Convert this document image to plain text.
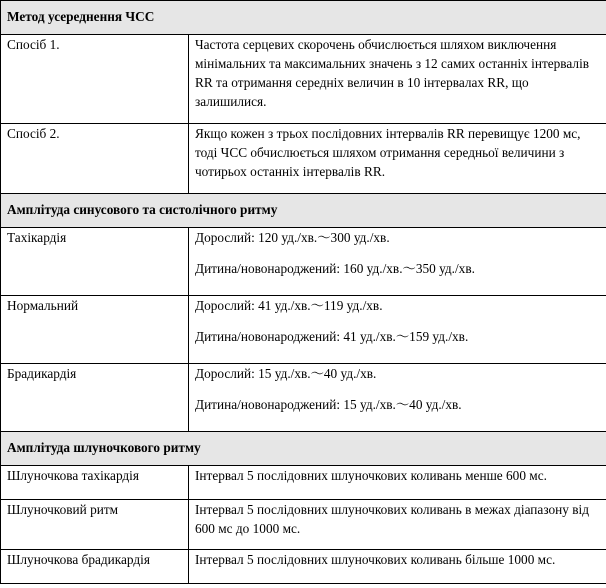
Метод усереднення ЧСС	
Спосіб 1.	Частота серцевих скорочень обчислюється шляхом виключення мінімальних та максимальних значень з 12 самих останніх інтервалів RR та отримання середніх величин в 10 інтервалах RR, що залишилися.
Спосіб 2.	Якщо кожен з трьох послідовних інтервалів RR перевищує 1200 мс, тоді ЧСС обчислюється шляхом отримання середньої величини з чотирьох останніх інтервалів RR.
Амплітуда синусового та систолічного ритму	
Тахікардія	Дорослий: 120 уд./хв.～300 уд./хв.
Дитина/новонароджений: 160 уд./хв.～350 уд./хв.

Нормальний	Дорослий: 41 уд./хв.～119 уд./хв.
Дитина/новонароджений: 41 уд./хв.～159 уд./хв.

Брадикардія	Дорослий: 15 уд./хв.～40 уд./хв.
Дитина/новонароджений: 15 уд./хв.～40 уд./хв.

Амплітуда шлуночкового ритму	
Шлуночкова тахікардія	Інтервал 5 послідовних шлуночкових коливань менше 600 мс.
Шлуночковий ритм	Інтервал 5 послідовних шлуночкових коливань в межах діапазону від 600 мс до 1000 мс.
Шлуночкова брадикардія	Інтервал 5 послідовних шлуночкових коливань більше 1000 мс.
